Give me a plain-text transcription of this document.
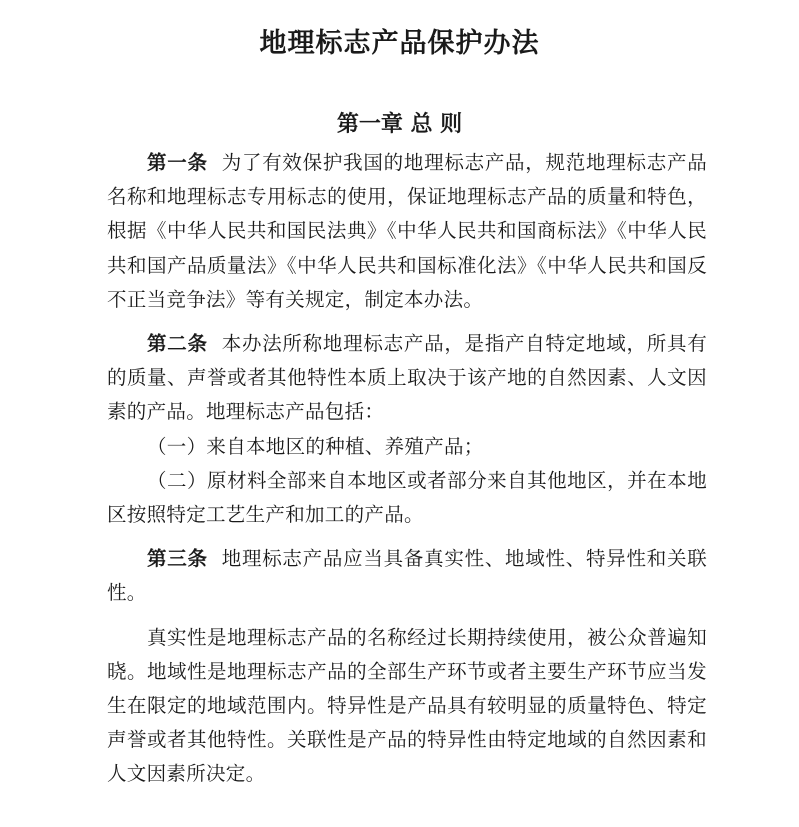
地理标志产品保护办法
第一章 总 则

第一条 为了有效保护我国的地理标志产品，规范地理标志产品名称和地理标志专用标志的使用，保证地理标志产品的质量和特色，根据《中华人民共和国民法典》《中华人民共和国商标法》《中华人民共和国产品质量法》《中华人民共和国标准化法》《中华人民共和国反不正当竞争法》等有关规定，制定本办法。

第二条 本办法所称地理标志产品，是指产自特定地域，所具有的质量、声誉或者其他特性本质上取决于该产地的自然因素、人文因素的产品。地理标志产品包括：

（一）来自本地区的种植、养殖产品；

（二）原材料全部来自本地区或者部分来自其他地区，并在本地区按照特定工艺生产和加工的产品。

第三条 地理标志产品应当具备真实性、地域性、特异性和关联性。

真实性是地理标志产品的名称经过长期持续使用，被公众普遍知晓。地域性是地理标志产品的全部生产环节或者主要生产环节应当发生在限定的地域范围内。特异性是产品具有较明显的质量特色、特定声誉或者其他特性。关联性是产品的特异性由特定地域的自然因素和人文因素所决定。
